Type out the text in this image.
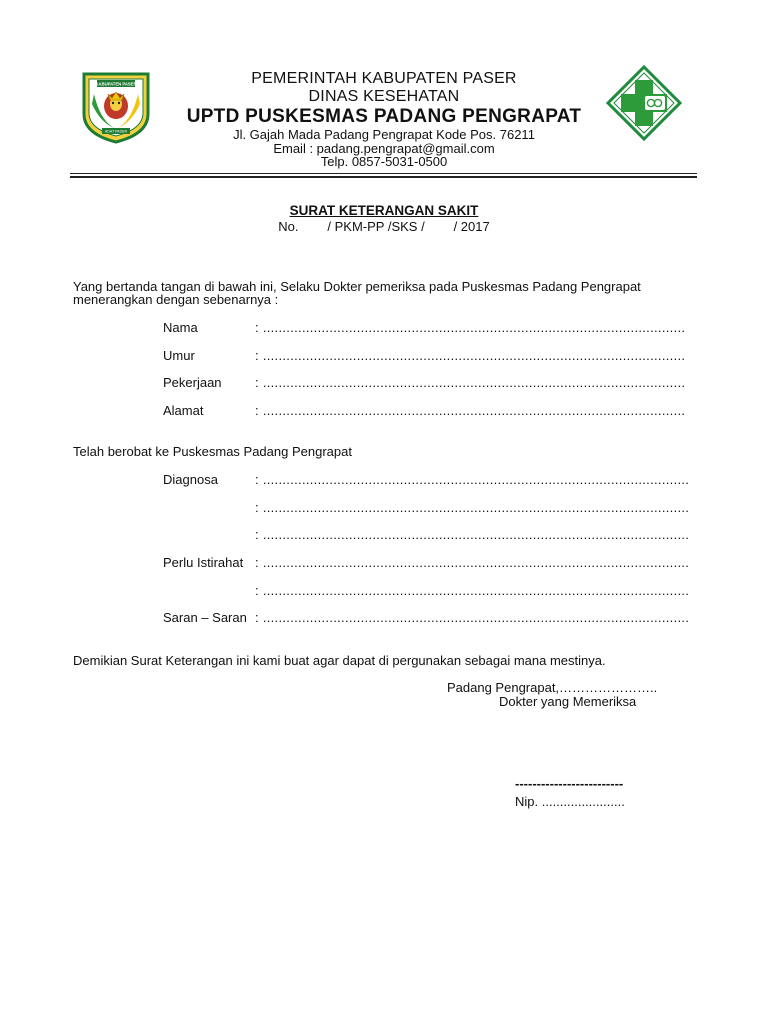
KABUPATEN PASER
ADAT PASER
PEMERINTAH KABUPATEN PASER
DINAS KESEHATAN
UPTD PUSKESMAS PADANG PENGRAPAT
Jl. Gajah Mada Padang Pengrapat Kode Pos. 76211
Email : padang.pengrapat@gmail.com
Telp. 0857-5031-0500
SURAT KETERANGAN SAKIT
No.        / PKM-PP /SKS /        / 2017
Yang bertanda tangan di bawah ini, Selaku Dokter pemeriksa pada Puskesmas Padang Pengrapat
menerangkan dengan sebenarnya :
Nama	: ............................................................................................................
Umur	: ............................................................................................................
Pekerjaan	: ............................................................................................................
Alamat	: ............................................................................................................
Telah berobat ke Puskesmas Padang Pengrapat
Diagnosa	: .............................................................................................................
: .............................................................................................................
: .............................................................................................................
Perlu Istirahat : .............................................................................................................
: .............................................................................................................
Saran – Saran : .............................................................................................................
Demikian Surat Keterangan ini kami buat agar dapat di pergunakan sebagai mana mestinya.
Padang Pengrapat,…………………..
Dokter yang Memeriksa
-------------------------
Nip. .......................
